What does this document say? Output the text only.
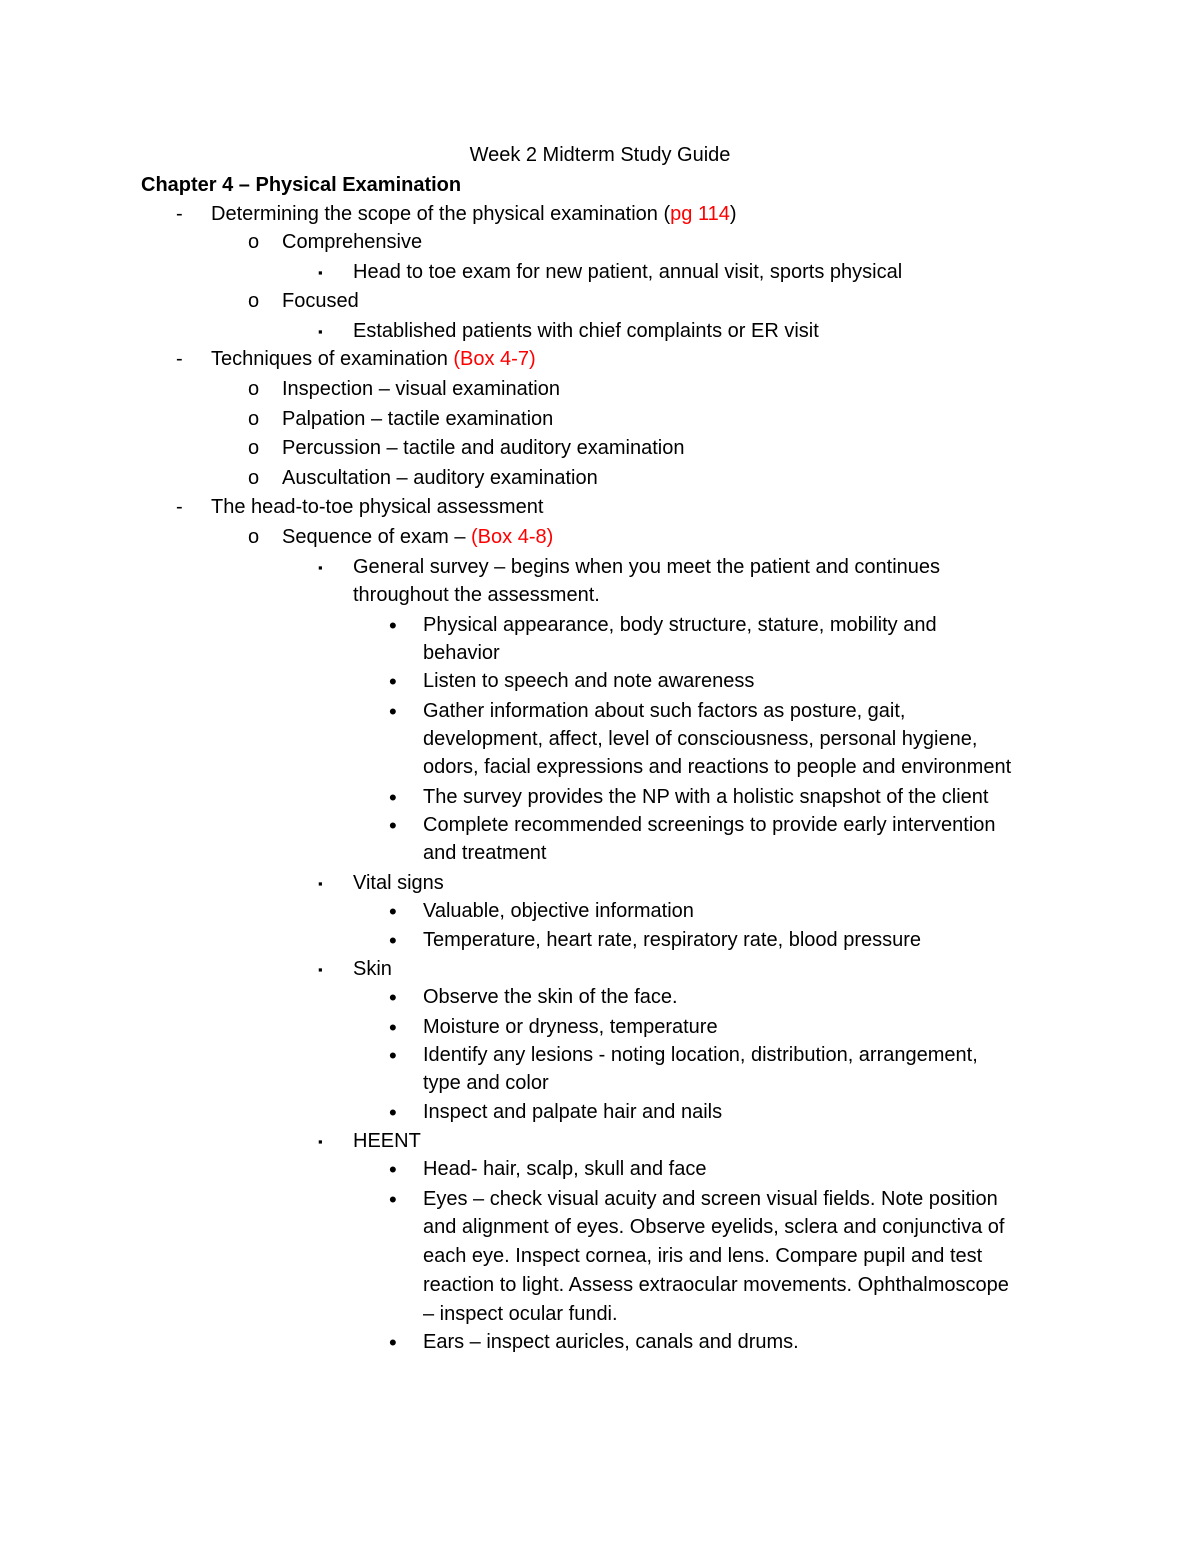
Week 2 Midterm Study Guide
Chapter 4 – Physical Examination
- Determining the scope of the physical examination (pg 114)
o Comprehensive
▪ Head to toe exam for new patient, annual visit, sports physical
o Focused
▪ Established patients with chief complaints or ER visit
- Techniques of examination (Box 4-7)
o Inspection – visual examination
o Palpation – tactile examination
o Percussion – tactile and auditory examination
o Auscultation – auditory examination
- The head-to-toe physical assessment
o Sequence of exam – (Box 4-8)
▪ General survey – begins when you meet the patient and continues
throughout the assessment.
• Physical appearance, body structure, stature, mobility and
behavior
• Listen to speech and note awareness
• Gather information about such factors as posture, gait,
development, affect, level of consciousness, personal hygiene,
odors, facial expressions and reactions to people and environment
• The survey provides the NP with a holistic snapshot of the client
• Complete recommended screenings to provide early intervention
and treatment
▪ Vital signs
• Valuable, objective information
• Temperature, heart rate, respiratory rate, blood pressure
▪ Skin
• Observe the skin of the face.
• Moisture or dryness, temperature
• Identify any lesions - noting location, distribution, arrangement,
type and color
• Inspect and palpate hair and nails
▪ HEENT
• Head- hair, scalp, skull and face
• Eyes – check visual acuity and screen visual fields. Note position
and alignment of eyes. Observe eyelids, sclera and conjunctiva of
each eye. Inspect cornea, iris and lens. Compare pupil and test
reaction to light. Assess extraocular movements. Ophthalmoscope
– inspect ocular fundi.
• Ears – inspect auricles, canals and drums.
